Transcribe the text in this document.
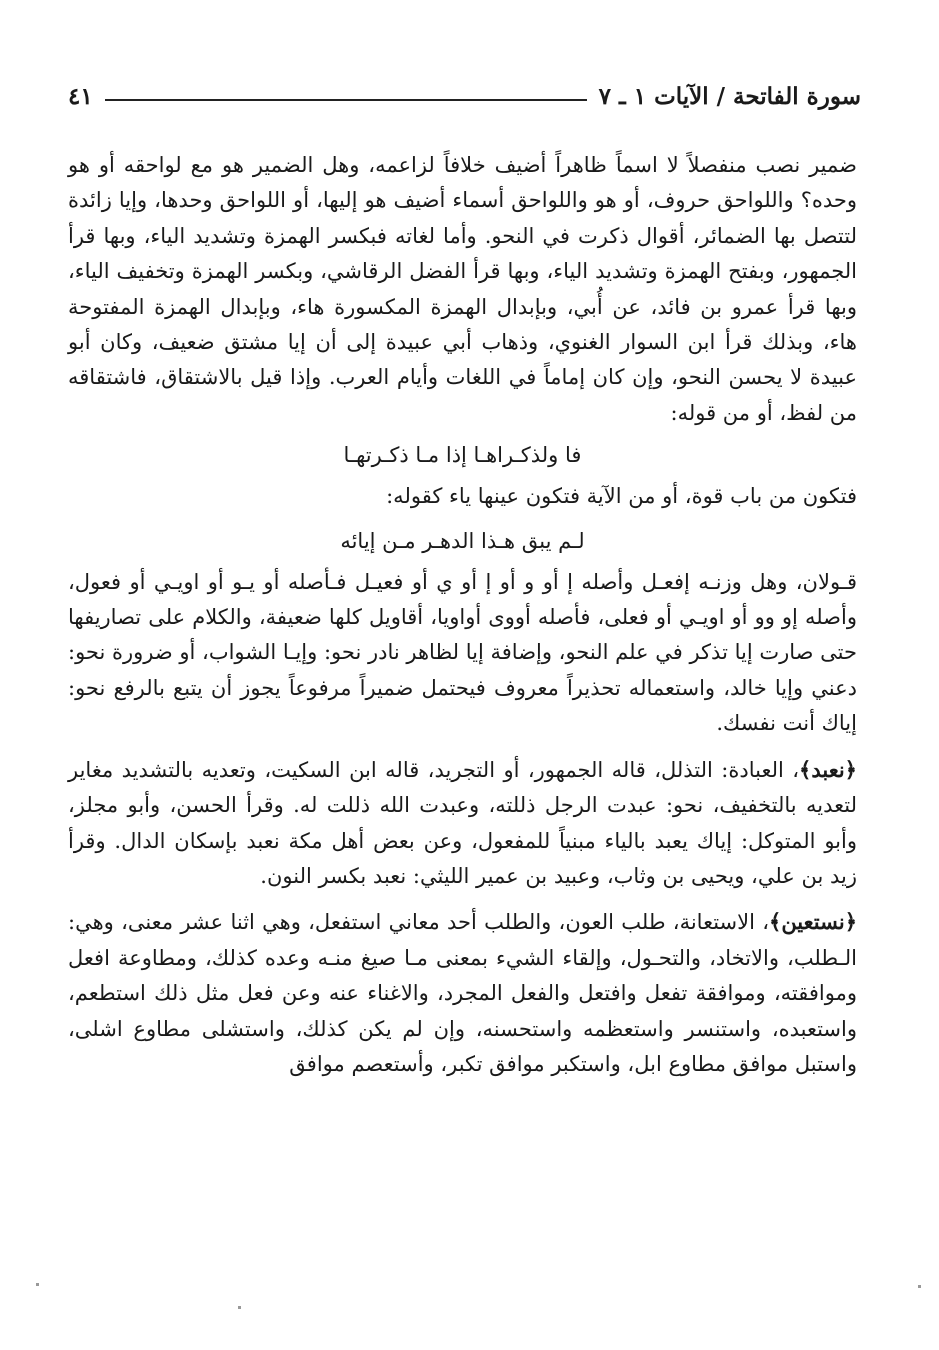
سورة الفاتحة / الآيات ١ ـ ٧
٤١

ضمير نصب منفصلاً لا اسماً ظاهراً أضيف خلافاً لزاعمه، وهل الضمير هو مع لواحقه أو هو وحده؟ واللواحق حروف، أو هو واللواحق أسماء أضيف هو إليها، أو اللواحق وحدها، وإيا زائدة لتتصل بها الضمائر، أقوال ذكرت في النحو. وأما لغاته فبكسر الهمزة وتشديد الياء، وبها قرأ الجمهور، وبفتح الهمزة وتشديد الياء، وبها قرأ الفضل الرقاشي، وبكسر الهمزة وتخفيف الياء، وبها قرأ عمرو بن فائد، عن أُبي، وبإبدال الهمزة المكسورة هاء، وبإبدال الهمزة المفتوحة هاء، وبذلك قرأ ابن السوار الغنوي، وذهاب أبي عبيدة إلى أن إيا مشتق ضعيف، وكان أبو عبيدة لا يحسن النحو، وإن كان إماماً في اللغات وأيام العرب. وإذا قيل بالاشتقاق، فاشتقاقه من لفظ، أو من قوله:

فا ولذكـراهـا إذا مـا ذكـرتهـا

فتكون من باب قوة، أو من الآية فتكون عينها ياء كقوله:

لـم يبق هـذا الدهـر مـن إيائه

قـولان، وهل وزنـه إفعـل وأصله إ أو و أو إ أو ي أو فعيـل فـأصله أو يـو أو اويـي أو فعول، وأصله إو وو أو اويـي أو فعلى، فأصله أووى أواويا، أقاويل كلها ضعيفة، والكلام على تصاريفها حتى صارت إيا تذكر في علم النحو، وإضافة إيا لظاهر نادر نحو: وإيـا الشواب، أو ضرورة نحو: دعني وإيا خالد، واستعماله تحذيراً معروف فيحتمل ضميراً مرفوعاً يجوز أن يتبع بالرفع نحو: إياك أنت نفسك.

﴿نعبد﴾، العبادة: التذلل، قاله الجمهور، أو التجريد، قاله ابن السكيت، وتعديه بالتشديد مغاير لتعديه بالتخفيف، نحو: عبدت الرجل ذللته، وعبدت الله ذللت له. وقرأ الحسن، وأبو مجلز، وأبو المتوكل: إياك يعبد بالياء مبنياً للمفعول، وعن بعض أهل مكة نعبد بإسكان الدال. وقرأ زيد بن علي، ويحيى بن وثاب، وعبيد بن عمير الليثي: نعبد بكسر النون.

﴿نستعين﴾، الاستعانة، طلب العون، والطلب أحد معاني استفعل، وهي اثنا عشر معنى، وهي: الـطلب، والاتخاد، والتحـول، وإلقاء الشيء بمعنى مـا صيغ منـه وعده كذلك، ومطاوعة افعل وموافقته، وموافقة تفعل وافتعل والفعل المجرد، والاغناء عنه وعن فعل مثل ذلك استطعم، واستعبده، واستنسر واستعظمه واستحسنه، وإن لم يكن كذلك، واستشلى مطاوع اشلى، واستبل موافق مطاوع ابل، واستكبر موافق تكبر، وأستعصم موافق
